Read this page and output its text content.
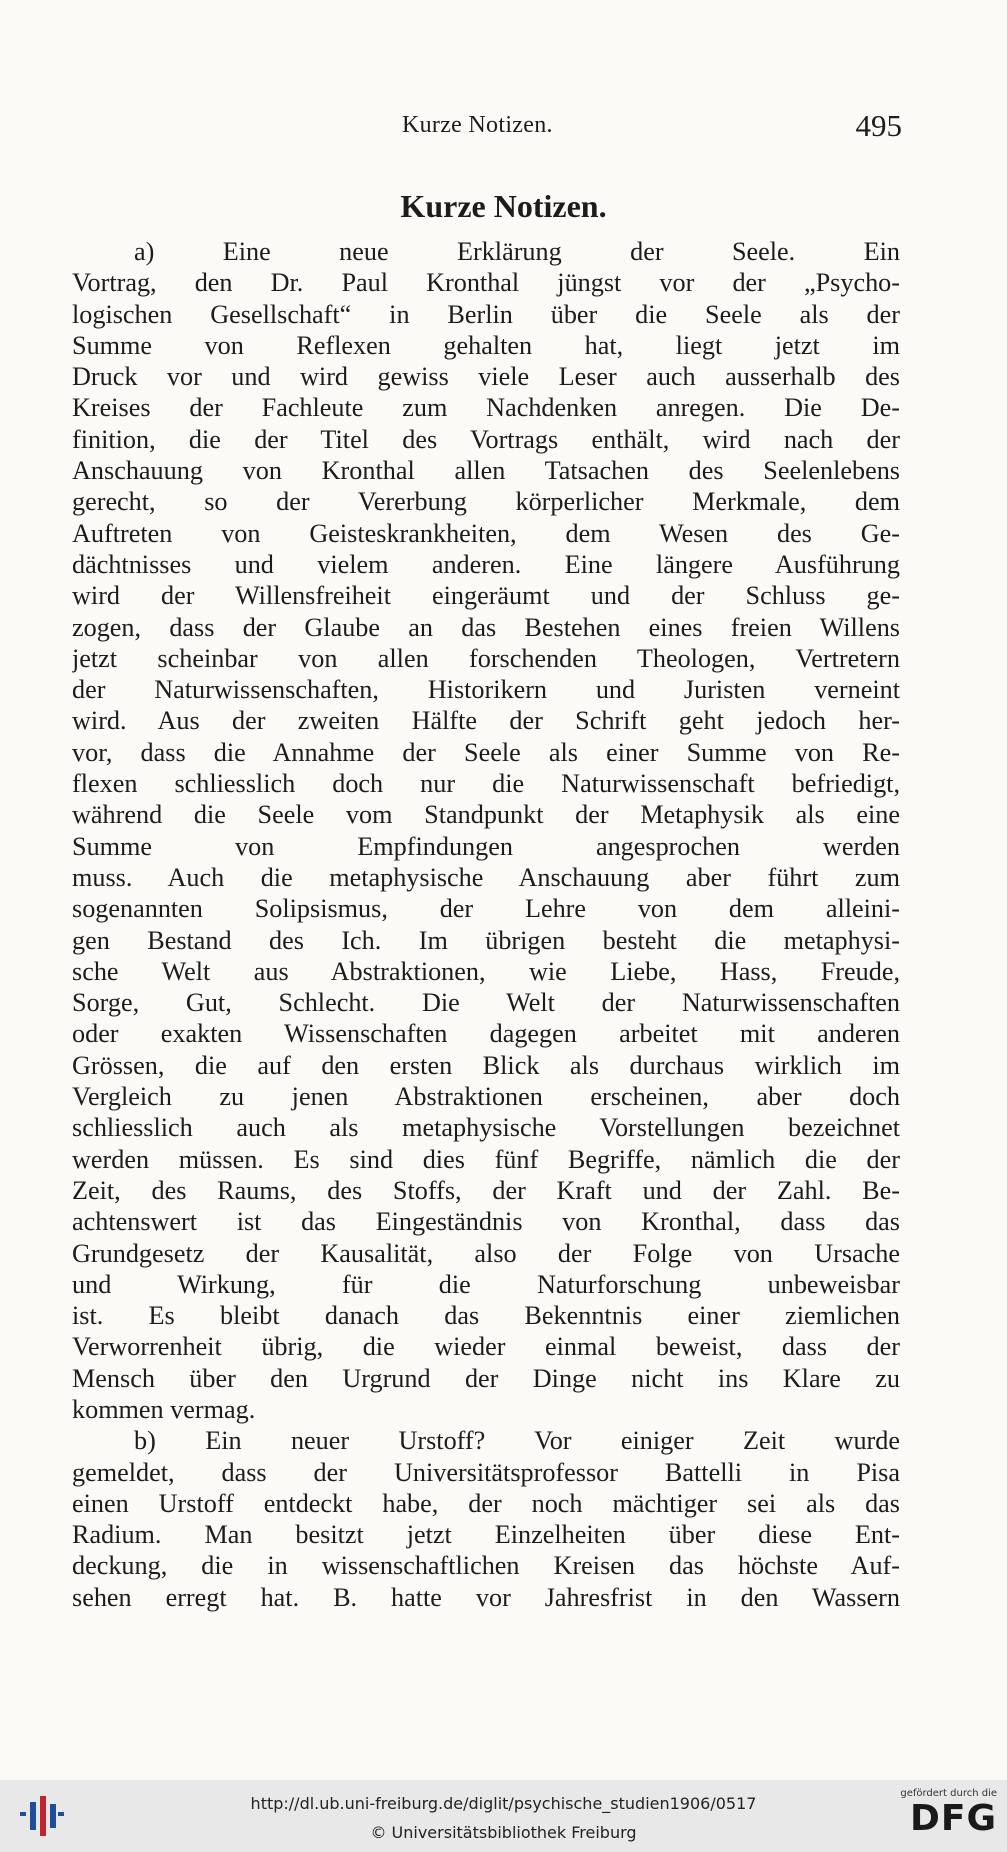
Kurze Notizen.	495
Kurze Notizen.
a) Eine neue Erklärung der Seele. Ein
Vortrag, den Dr. Paul Kronthal jüngst vor der „Psycho-
logischen Gesellschaft“ in Berlin über die Seele als der
Summe von Reflexen gehalten hat, liegt jetzt im
Druck vor und wird gewiss viele Leser auch ausserhalb des
Kreises der Fachleute zum Nachdenken anregen. Die De-
finition, die der Titel des Vortrags enthält, wird nach der
Anschauung von Kronthal allen Tatsachen des Seelenlebens
gerecht, so der Vererbung körperlicher Merkmale, dem
Auftreten von Geisteskrankheiten, dem Wesen des Ge-
dächtnisses und vielem anderen. Eine längere Ausführung
wird der Willensfreiheit eingeräumt und der Schluss ge-
zogen, dass der Glaube an das Bestehen eines freien Willens
jetzt scheinbar von allen forschenden Theologen, Vertretern
der Naturwissenschaften, Historikern und Juristen verneint
wird. Aus der zweiten Hälfte der Schrift geht jedoch her-
vor, dass die Annahme der Seele als einer Summe von Re-
flexen schliesslich doch nur die Naturwissenschaft befriedigt,
während die Seele vom Standpunkt der Metaphysik als eine
Summe von Empfindungen angesprochen werden
muss. Auch die metaphysische Anschauung aber führt zum
sogenannten Solipsismus, der Lehre von dem alleini-
gen Bestand des Ich. Im übrigen besteht die metaphysi-
sche Welt aus Abstraktionen, wie Liebe, Hass, Freude,
Sorge, Gut, Schlecht. Die Welt der Naturwissenschaften
oder exakten Wissenschaften dagegen arbeitet mit anderen
Grössen, die auf den ersten Blick als durchaus wirklich im
Vergleich zu jenen Abstraktionen erscheinen, aber doch
schliesslich auch als metaphysische Vorstellungen bezeichnet
werden müssen. Es sind dies fünf Begriffe, nämlich die der
Zeit, des Raums, des Stoffs, der Kraft und der Zahl. Be-
achtenswert ist das Eingeständnis von Kronthal, dass das
Grundgesetz der Kausalität, also der Folge von Ursache
und Wirkung, für die Naturforschung unbeweisbar
ist. Es bleibt danach das Bekenntnis einer ziemlichen
Verworrenheit übrig, die wieder einmal beweist, dass der
Mensch über den Urgrund der Dinge nicht ins Klare zu
kommen vermag.
b) Ein neuer Urstoff? Vor einiger Zeit wurde
gemeldet, dass der Universitätsprofessor Battelli in Pisa
einen Urstoff entdeckt habe, der noch mächtiger sei als das
Radium. Man besitzt jetzt Einzelheiten über diese Ent-
deckung, die in wissenschaftlichen Kreisen das höchste Auf-
sehen erregt hat. B. hatte vor Jahresfrist in den Wassern
http://dl.ub.uni-freiburg.de/diglit/psychische_studien1906/0517
© Universitätsbibliothek Freiburg
gefördert durch die
DFG
